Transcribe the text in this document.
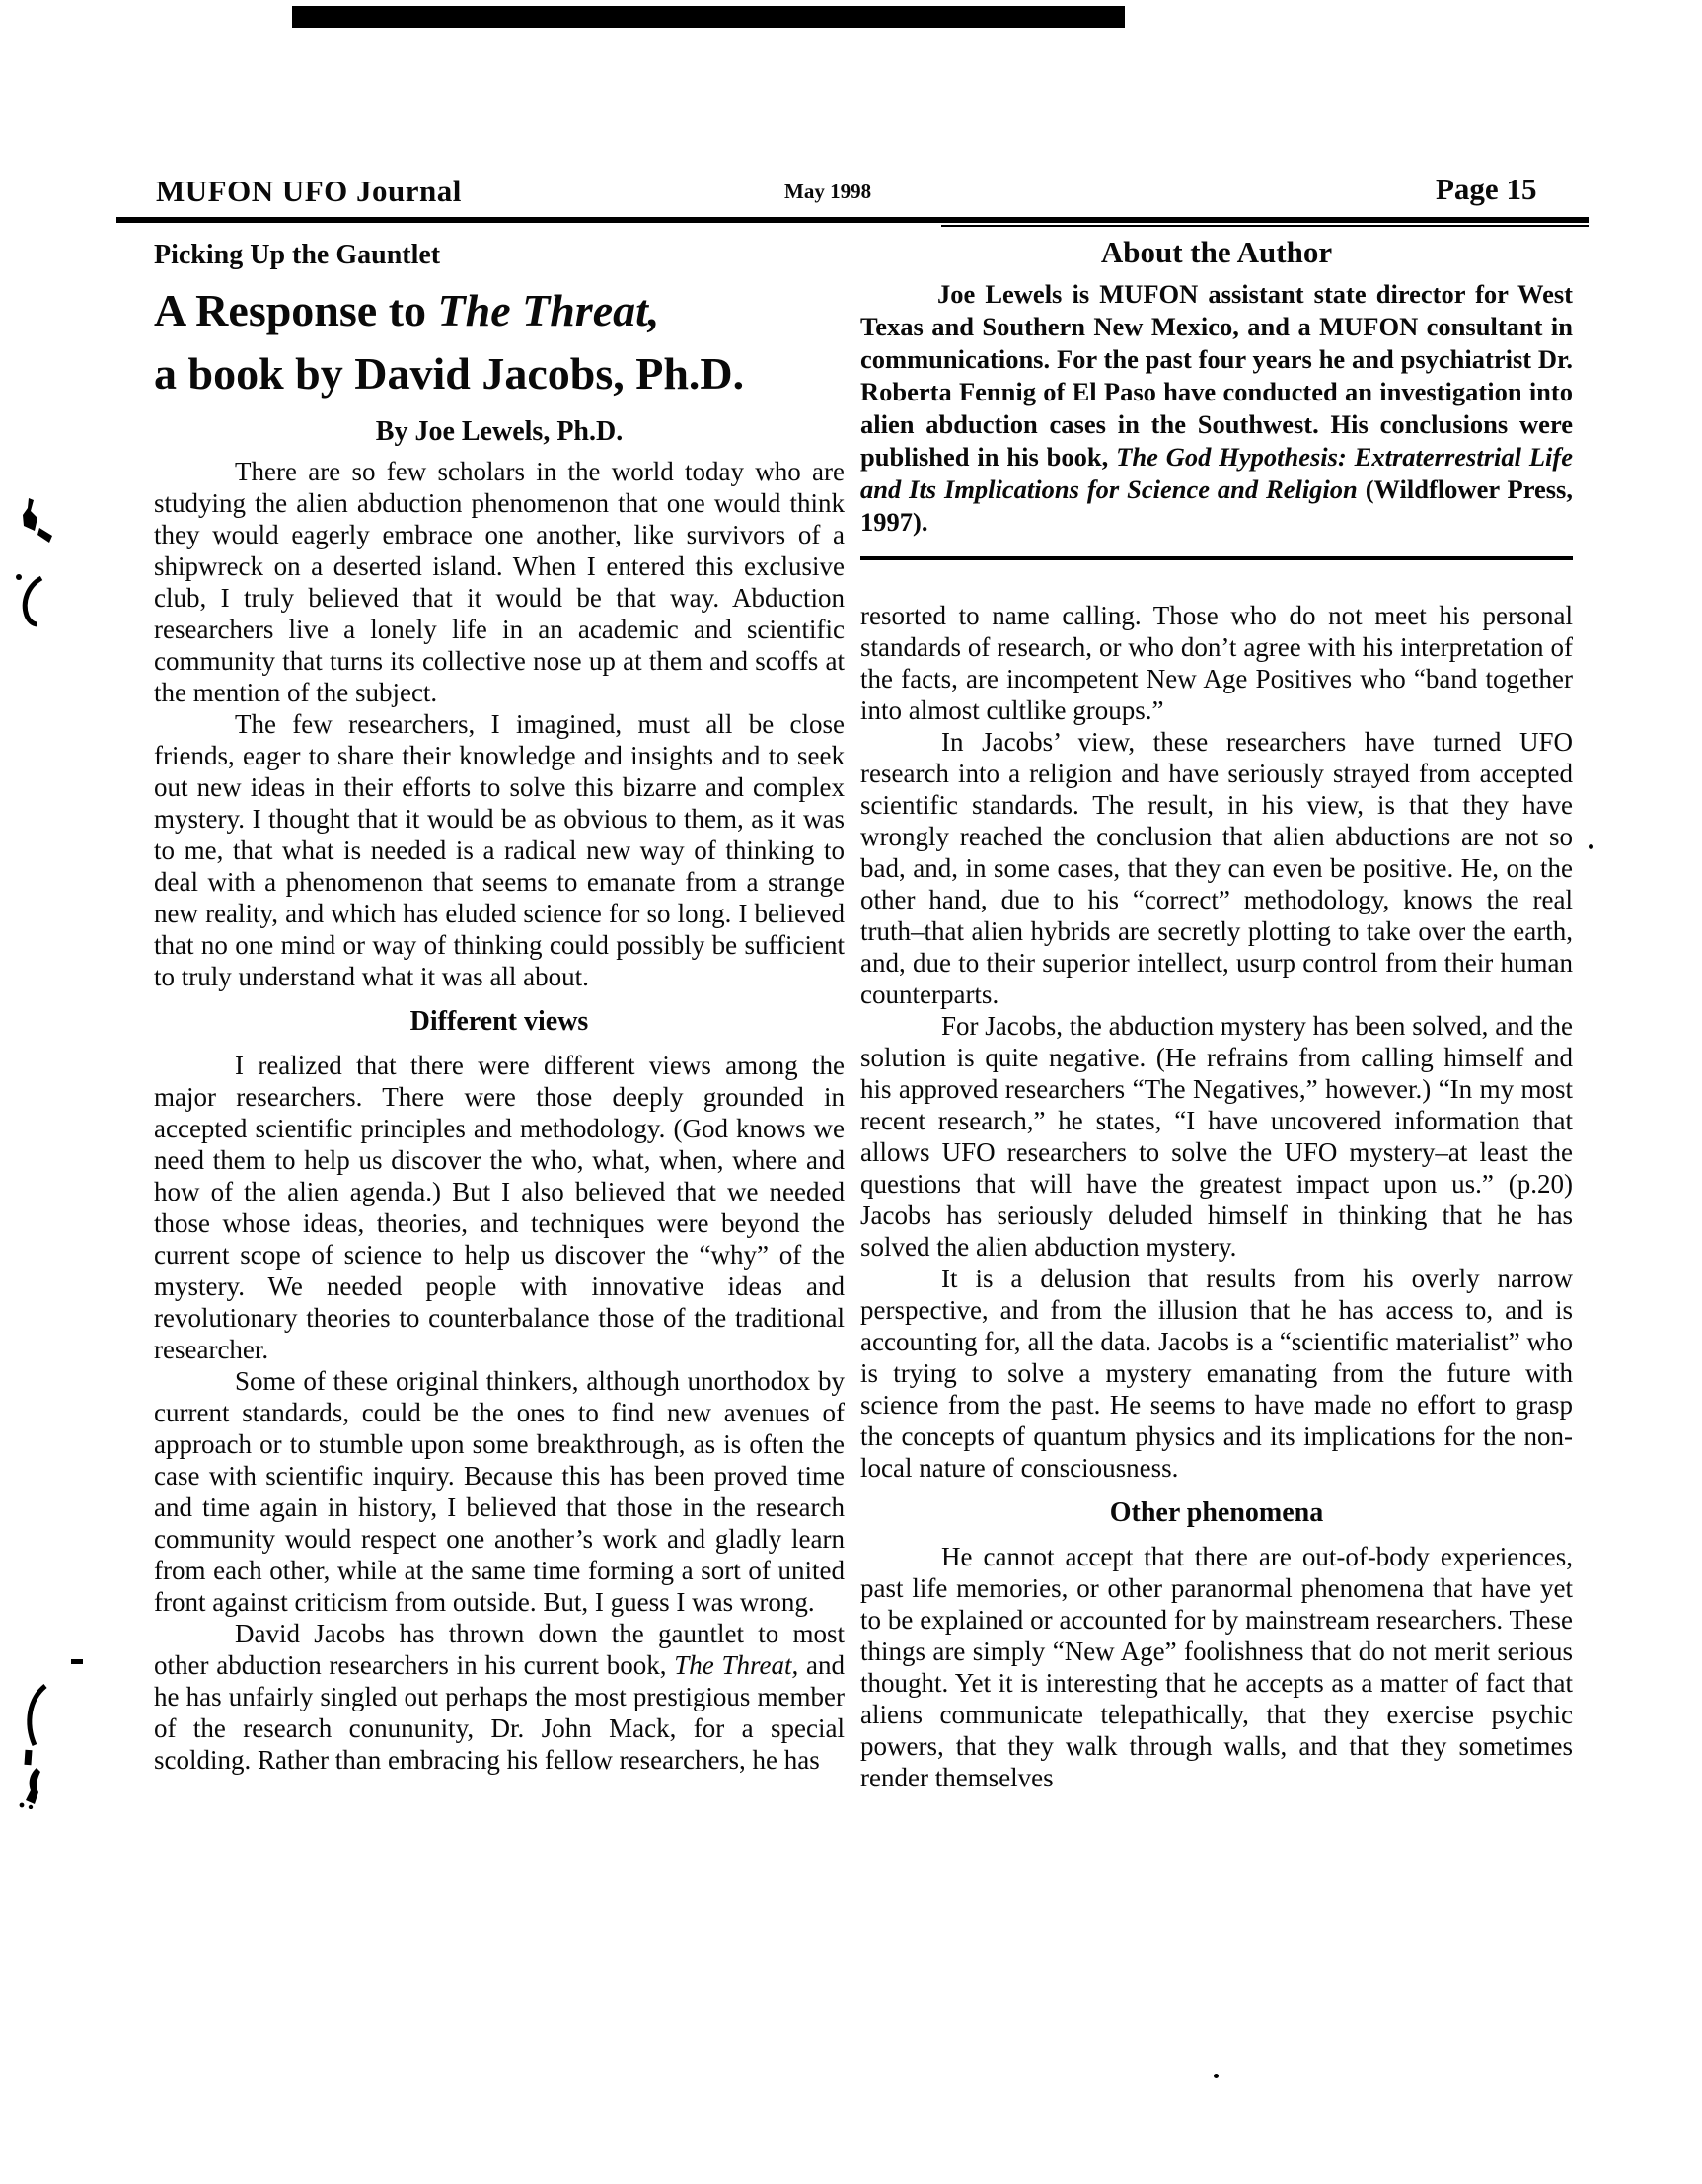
MUFON UFO Journal	May 1998	Page 15
Picking Up the Gauntlet
A Response to The Threat,
a book by David Jacobs, Ph.D.
By Joe Lewels, Ph.D.

There are so few scholars in the world today who are studying the alien abduction phenomenon that one would think they would eagerly embrace one another, like survivors of a shipwreck on a deserted island. When I entered this exclusive club, I truly believed that it would be that way. Abduction researchers live a lonely life in an academic and scientific community that turns its collective nose up at them and scoffs at the mention of the subject.

The few researchers, I imagined, must all be close friends, eager to share their knowledge and insights and to seek out new ideas in their efforts to solve this bizarre and complex mystery. I thought that it would be as obvious to them, as it was to me, that what is needed is a radical new way of thinking to deal with a phenomenon that seems to emanate from a strange new reality, and which has eluded science for so long. I believed that no one mind or way of thinking could possibly be sufficient to truly understand what it was all about.

Different views

I realized that there were different views among the major researchers. There were those deeply grounded in accepted scientific principles and methodology. (God knows we need them to help us discover the who, what, when, where and how of the alien agenda.) But I also believed that we needed those whose ideas, theories, and techniques were beyond the current scope of science to help us discover the “why” of the mystery. We needed people with innovative ideas and revolutionary theories to counterbalance those of the traditional researcher.

Some of these original thinkers, although unorthodox by current standards, could be the ones to find new avenues of approach or to stumble upon some breakthrough, as is often the case with scientific inquiry. Because this has been proved time and time again in history, I believed that those in the research community would respect one another’s work and gladly learn from each other, while at the same time forming a sort of united front against criticism from outside. But, I guess I was wrong.

David Jacobs has thrown down the gauntlet to most other abduction researchers in his current book, The Threat, and he has unfairly singled out perhaps the most prestigious member of the research conununity, Dr. John Mack, for a special scolding. Rather than embracing his fellow researchers, he has

About the Author

Joe Lewels is MUFON assistant state director for West Texas and Southern New Mexico, and a MUFON consultant in communications. For the past four years he and psychiatrist Dr. Roberta Fennig of El Paso have conducted an investigation into alien abduction cases in the Southwest. His conclusions were published in his book, The God Hypothesis: Extraterrestrial Life and Its Implications for Science and Religion (Wildflower Press, 1997).

resorted to name calling. Those who do not meet his personal standards of research, or who don’t agree with his interpretation of the facts, are incompetent New Age Positives who “band together into almost cultlike groups.”

In Jacobs’ view, these researchers have turned UFO research into a religion and have seriously strayed from accepted scientific standards. The result, in his view, is that they have wrongly reached the conclusion that alien abductions are not so bad, and, in some cases, that they can even be positive. He, on the other hand, due to his “correct” methodology, knows the real truth–that alien hybrids are secretly plotting to take over the earth, and, due to their superior intellect, usurp control from their human counterparts.

For Jacobs, the abduction mystery has been solved, and the solution is quite negative. (He refrains from calling himself and his approved researchers “The Negatives,” however.) “In my most recent research,” he states, “I have uncovered information that allows UFO researchers to solve the UFO mystery–at least the questions that will have the greatest impact upon us.” (p.20) Jacobs has seriously deluded himself in thinking that he has solved the alien abduction mystery.

It is a delusion that results from his overly narrow perspective, and from the illusion that he has access to, and is accounting for, all the data. Jacobs is a “scientific materialist” who is trying to solve a mystery emanating from the future with science from the past. He seems to have made no effort to grasp the concepts of quantum physics and its implications for the non-local nature of consciousness.

Other phenomena

He cannot accept that there are out-of-body experiences, past life memories, or other paranormal phenomena that have yet to be explained or accounted for by mainstream researchers. These things are simply “New Age” foolishness that do not merit serious thought. Yet it is interesting that he accepts as a matter of fact that aliens communicate telepathically, that they exercise psychic powers, that they walk through walls, and that they sometimes render themselves
